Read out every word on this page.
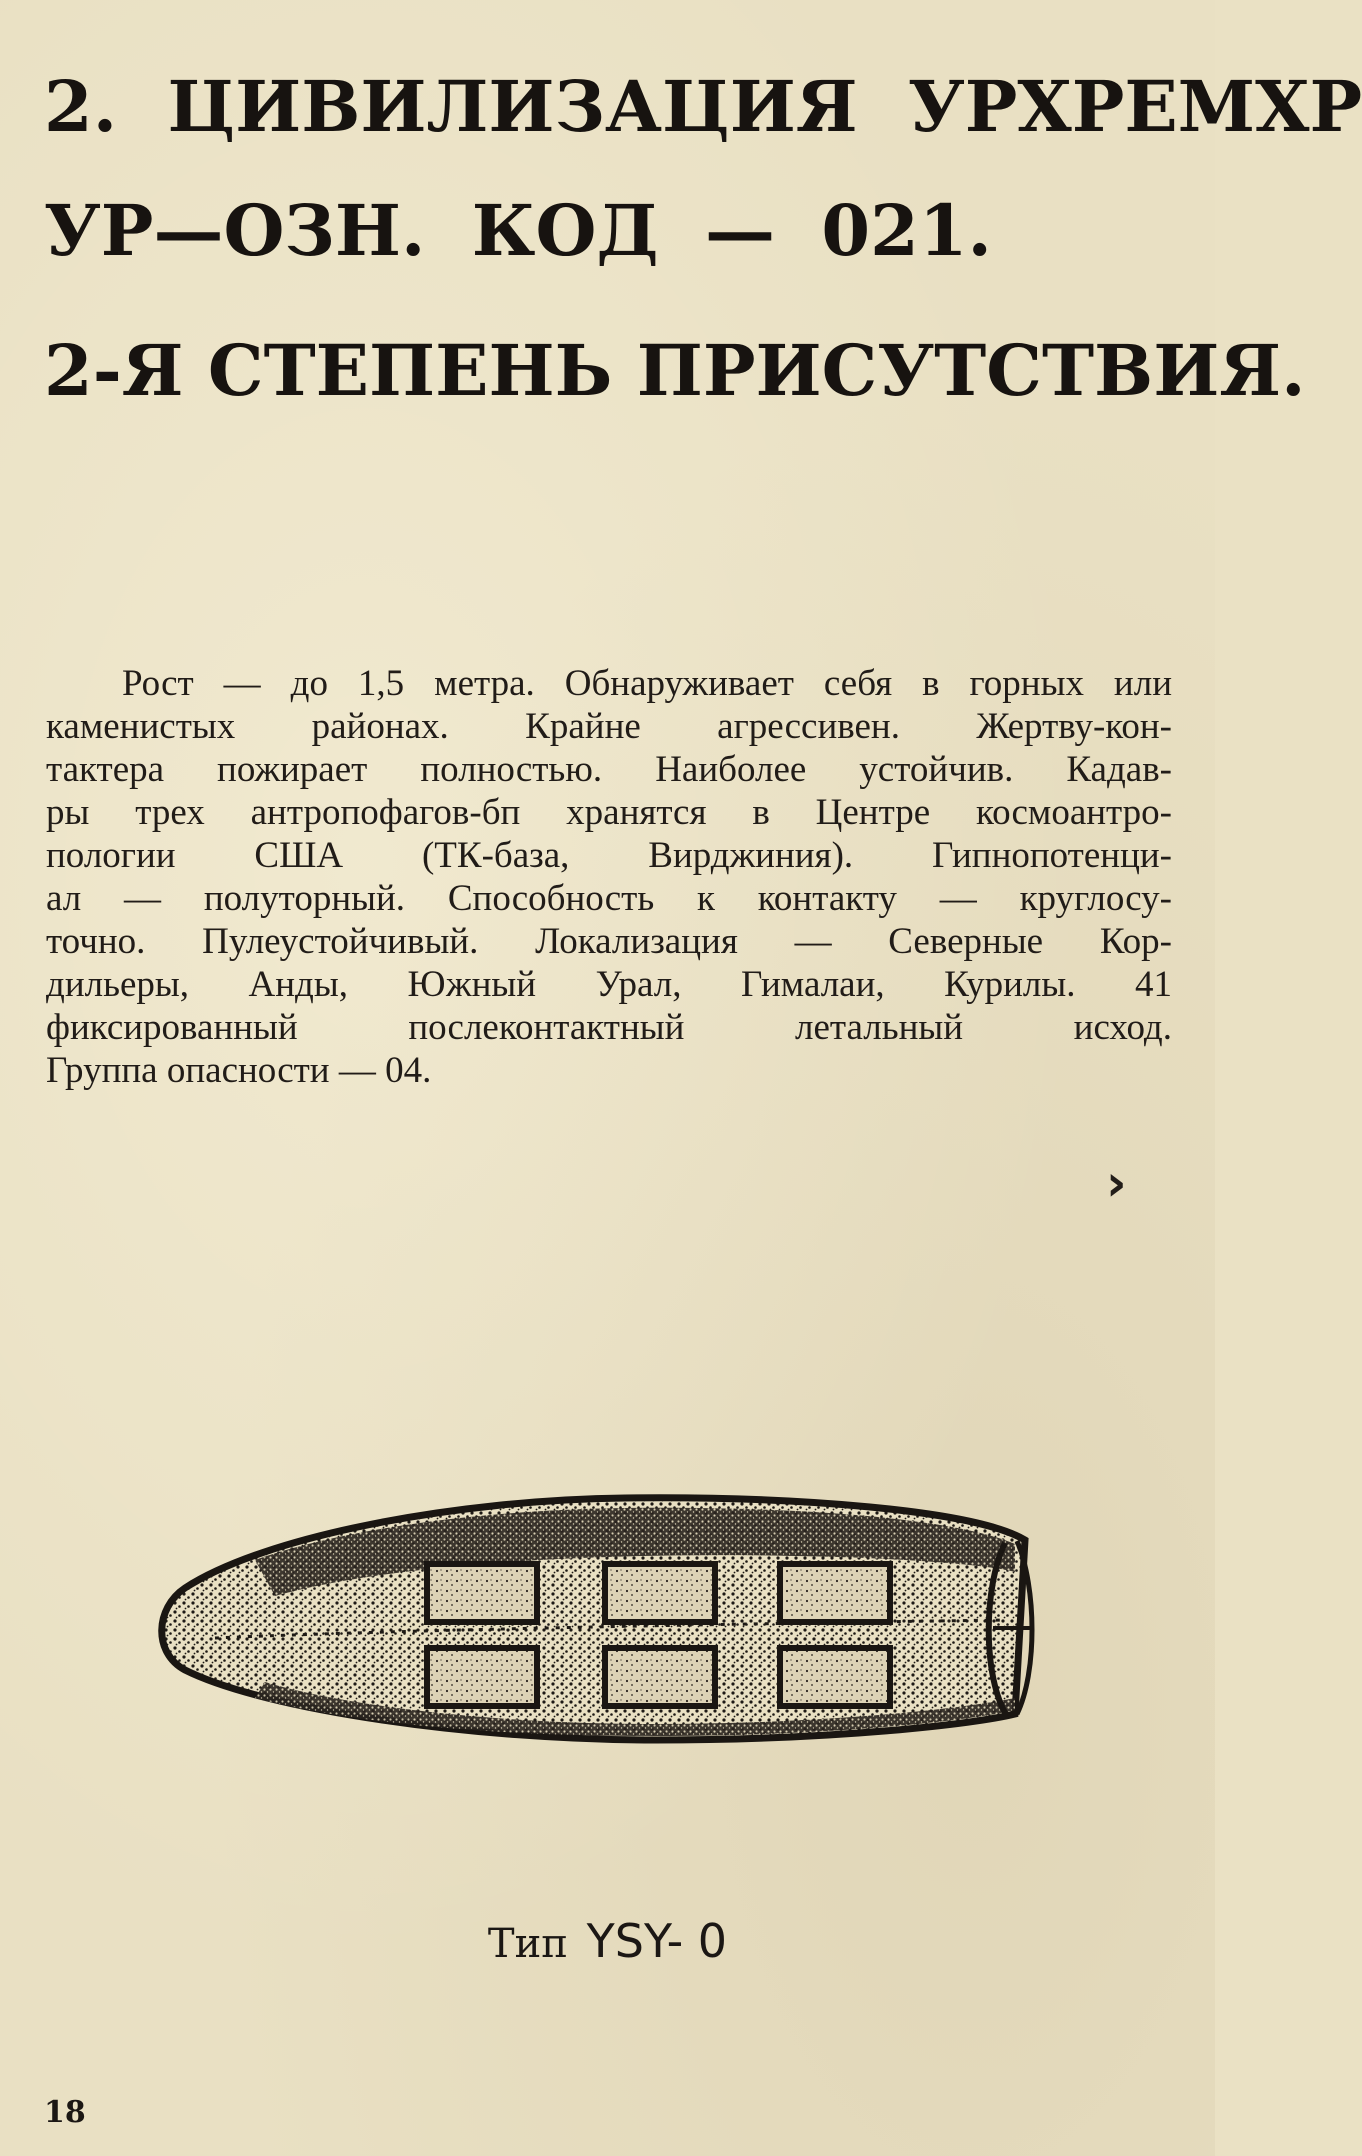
2. ЦИВИЛИЗАЦИЯ УРХРЕМХР
УР—ОЗН. КОД — 021.
2-Я СТЕПЕНЬ ПРИСУТСТВИЯ.

Рост — до 1,5 метра. Обнаруживает себя в горных или
каменистых районах. Крайне агрессивен. Жертву-кон-
тактера пожирает полностью. Наиболее устойчив. Кадав-
ры трех антропофагов-бп хранятся в Центре космоантро-
пологии США (ТК-база, Вирджиния). Гипнопотенци-
ал — полуторный. Способность к контакту — круглосу-
точно. Пулеустойчивый. Локализация — Северные Кор-
дильеры, Анды, Южный Урал, Гималаи, Курилы. 41
фиксированный послеконтактный летальный исход.
Группа опасности — 04.

›
Тип YSY- 0
18
